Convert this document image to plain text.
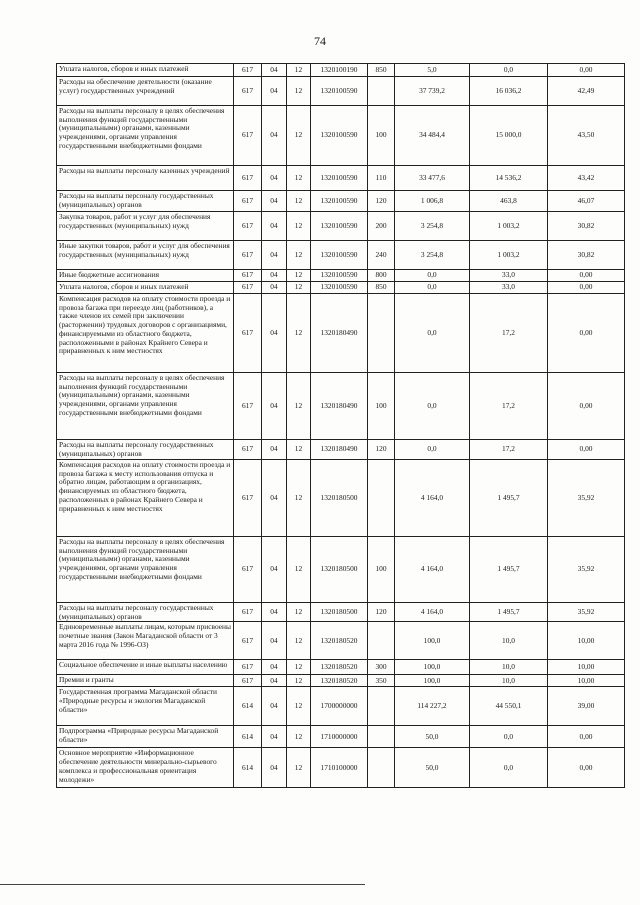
74
Уплата налогов, сборов и иных платежей	617	04	12	1320100190	850	5,0	0,0	0,00
Расходы на обеспечение деятельности (оказание услуг) государственных учреждений	617	04	12	1320100590		37 739,2	16 036,2	42,49
Расходы на выплаты персоналу в целях обеспечения выполнения функций государственными (муниципальными) органами, казенными учреждениями, органами управления государственными внебюджетными фондами	617	04	12	1320100590	100	34 484,4	15 000,0	43,50
Расходы на выплаты персоналу казенных учреждений	617	04	12	1320100590	110	33 477,6	14 536,2	43,42
Расходы на выплаты персоналу государственных (муниципальных) органов	617	04	12	1320100590	120	1 006,8	463,8	46,07
Закупка товаров, работ и услуг для обеспечения государственных (муниципальных) нужд	617	04	12	1320100590	200	3 254,8	1 003,2	30,82
Иные закупки товаров, работ и услуг для обеспечения государственных (муниципальных) нужд	617	04	12	1320100590	240	3 254,8	1 003,2	30,82
Иные бюджетные ассигнования	617	04	12	1320100590	800	0,0	33,0	0,00
Уплата налогов, сборов и иных платежей	617	04	12	1320100590	850	0,0	33,0	0,00
Компенсация расходов на оплату стоимости проезда и провоза багажа при переезде лиц (работников), а также членов их семей при заключении (расторжении) трудовых договоров с организациями, финансируемыми из областного бюджета, расположенными в районах Крайнего Севера и приравненных к ним местностях	617	04	12	1320180490		0,0	17,2	0,00
Расходы на выплаты персоналу в целях обеспечения выполнения функций государственными (муниципальными) органами, казенными учреждениями, органами управления государственными внебюджетными фондами	617	04	12	1320180490	100	0,0	17,2	0,00
Расходы на выплаты персоналу государственных (муниципальных) органов	617	04	12	1320180490	120	0,0	17,2	0,00
Компенсация расходов на оплату стоимости проезда и провоза багажа к месту использования отпуска и обратно лицам, работающим в организациях, финансируемых из областного бюджета, расположенных в районах Крайнего Севера и приравненных к ним местностях	617	04	12	1320180500		4 164,0	1 495,7	35,92
Расходы на выплаты персоналу в целях обеспечения выполнения функций государственными (муниципальными) органами, казенными учреждениями, органами управления государственными внебюджетными фондами	617	04	12	1320180500	100	4 164,0	1 495,7	35,92
Расходы на выплаты персоналу государственных (муниципальных) органов	617	04	12	1320180500	120	4 164,0	1 495,7	35,92
Единовременные выплаты лицам, которым присвоены почетные звания (Закон Магаданской области от 3 марта 2016 года № 1996-ОЗ)	617	04	12	1320180520		100,0	10,0	10,00
Социальное обеспечение и иные выплаты населению	617	04	12	1320180520	300	100,0	10,0	10,00
Премии и гранты	617	04	12	1320180520	350	100,0	10,0	10,00
Государственная программа Магаданской области «Природные ресурсы и экология Магаданской области»	614	04	12	1700000000		114 227,2	44 550,1	39,00
Подпрограмма «Природные ресурсы Магаданской области»	614	04	12	1710000000		50,0	0,0	0,00
Основное мероприятие «Информационное обеспечение деятельности минерально-сырьевого комплекса и профессиональная ориентация молодежи»	614	04	12	1710100000		50,0	0,0	0,00
